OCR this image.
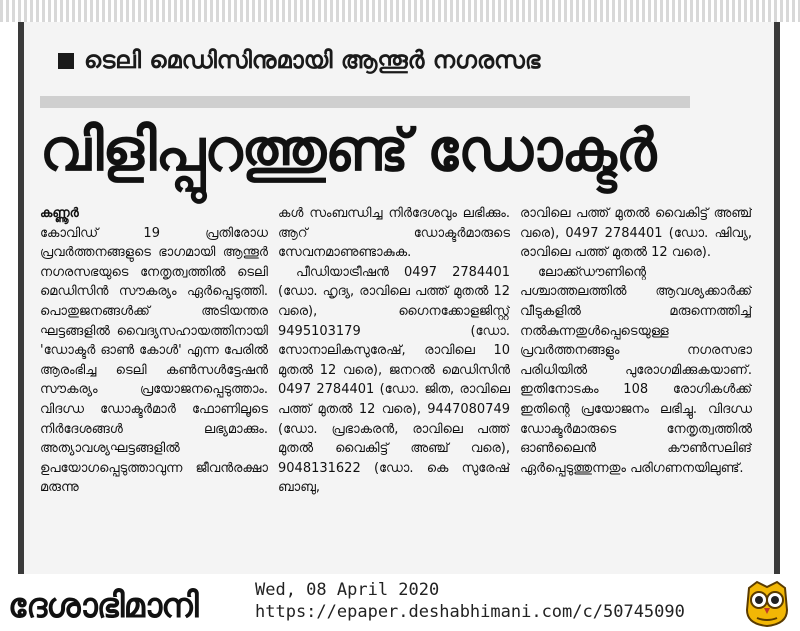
ടെലി മെഡിസിനുമായി ആന്തൂർ നഗരസഭ
വിളിപ്പുറത്തുണ്ട് ഡോക്ടർ

കണ്ണൂർ

കോവിഡ് 19 പ്രതിരോധ പ്രവർത്തനങ്ങളുടെ ഭാഗമായി ആന്തൂർ നഗരസഭയുടെ നേതൃത്വത്തിൽ ടെലി മെഡിസിൻ സൗകര്യം ഏർപ്പെടുത്തി. പൊതുജനങ്ങൾക്ക് അടിയന്തര ഘട്ടങ്ങളിൽ വൈദ്യസഹായത്തിനായി 'ഡോക്ടർ ഓൺ കോൾ' എന്ന പേരിൽ ആരംഭിച്ച ടെലി കൺസൾട്ടേഷൻ സൗകര്യം പ്രയോജനപ്പെടുത്താം. വിദഗ്ധ ഡോക്ടർമാർ ഫോണിലൂടെ നിർദേശങ്ങൾ ലഭ്യമാക്കും. അത്യാവശ്യഘട്ടങ്ങളിൽ ഉപയോഗപ്പെടുത്താവുന്ന ജീവൻരക്ഷാ മരുന്നു

കൾ സംബന്ധിച്ച നിർദേശവും ലഭിക്കും. ആറ് ഡോക്ടർമാരുടെ സേവനമാണുണ്ടാകുക.

പീഡിയാട്രീഷൻ 0497 2784401 (ഡോ. ഹൃദ്യ, രാവിലെ പത്ത് മുതൽ 12 വരെ), ഗൈനക്കോളജിസ്റ്റ് 9495103179 (ഡോ. സോനാലികസുരേഷ്, രാവിലെ 10 മുതൽ 12 വരെ), ജനറൽ മെഡിസിൻ 0497 2784401 (ഡോ. ജിത, രാവിലെ പത്ത് മുതൽ 12 വരെ), 9447080749 (ഡോ. പ്രഭാകരൻ, രാവിലെ പത്ത് മുതൽ വൈകിട്ട് അഞ്ച് വരെ), 9048131622 (ഡോ. കെ സുരേഷ് ബാബു,

രാവിലെ പത്ത് മുതൽ വൈകിട്ട് അഞ്ച് വരെ), 0497 2784401 (ഡോ. ഷിവ്യ, രാവിലെ പത്ത് മുതൽ 12 വരെ).

ലോക്ക്ഡൗണിന്റെ പശ്ചാത്തലത്തിൽ ആവശ്യക്കാർക്ക് വീടുകളിൽ മരുന്നെത്തിച്ച് നൽകുന്നതുൾപ്പെടെയുള്ള പ്രവർത്തനങ്ങളും നഗരസഭാ പരിധിയിൽ പുരോഗമിക്കുകയാണ്. ഇതിനോടകം 108 രോഗികൾക്ക് ഇതിന്റെ പ്രയോജനം ലഭിച്ചു. വിദഗ്ധ ഡോക്ടർമാരുടെ നേതൃത്വത്തിൽ ഓൺലൈൻ കൗൺസലിങ് ഏർപ്പെടുത്തുന്നതും പരിഗണനയിലുണ്ട്.

ദേശാഭിമാനി	Wed, 08 April 2020
https://epaper.deshabhimani.com/c/50745090
